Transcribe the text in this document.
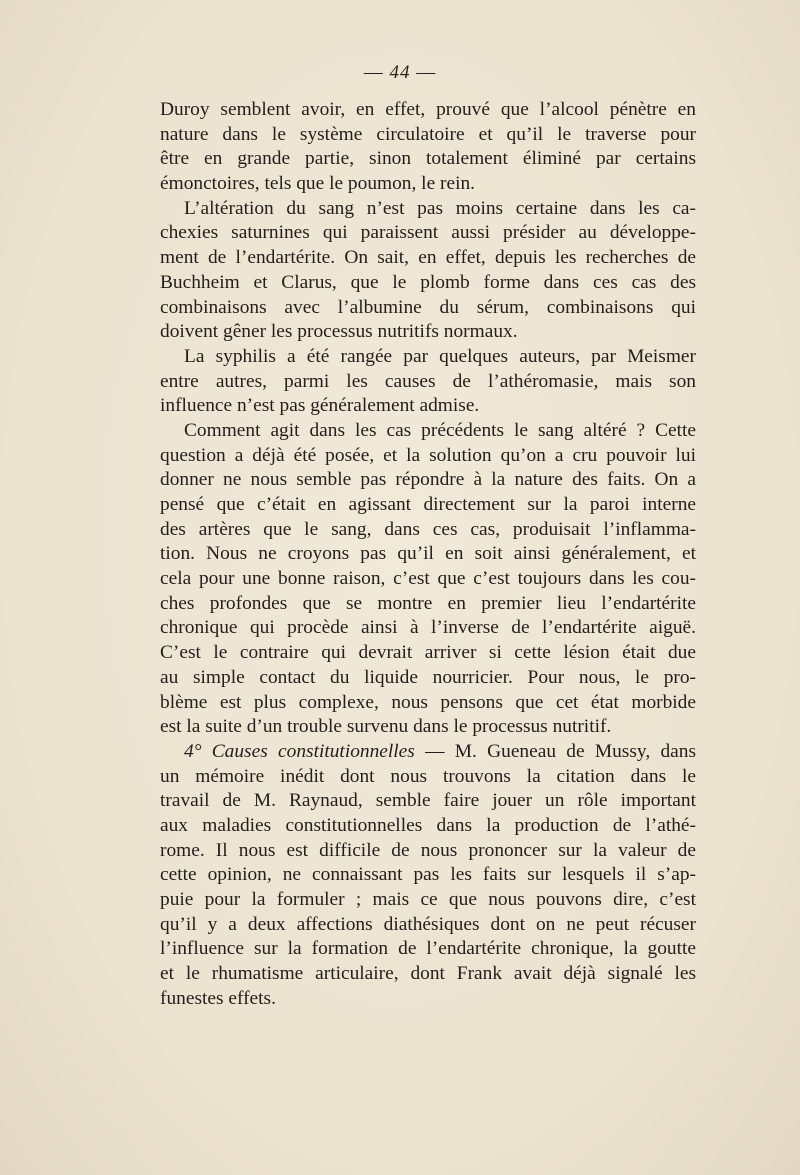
— 44 —
Duroy semblent avoir, en effet, prouvé que l’alcool pénètre en
nature dans le système circulatoire et qu’il le traverse pour
être en grande partie, sinon totalement éliminé par certains
émonctoires, tels que le poumon, le rein.
L’altération du sang n’est pas moins certaine dans les ca-
chexies saturnines qui paraissent aussi présider au développe-
ment de l’endartérite. On sait, en effet, depuis les recherches de
Buchheim et Clarus, que le plomb forme dans ces cas des
combinaisons avec l’albumine du sérum, combinaisons qui
doivent gêner les processus nutritifs normaux.
La syphilis a été rangée par quelques auteurs, par Meismer
entre autres, parmi les causes de l’athéromasie, mais son
influence n’est pas généralement admise.
Comment agit dans les cas précédents le sang altéré ? Cette
question a déjà été posée, et la solution qu’on a cru pouvoir lui
donner ne nous semble pas répondre à la nature des faits. On a
pensé que c’était en agissant directement sur la paroi interne
des artères que le sang, dans ces cas, produisait l’inflamma-
tion. Nous ne croyons pas qu’il en soit ainsi généralement, et
cela pour une bonne raison, c’est que c’est toujours dans les cou-
ches profondes que se montre en premier lieu l’endartérite
chronique qui procède ainsi à l’inverse de l’endartérite aiguë.
C’est le contraire qui devrait arriver si cette lésion était due
au simple contact du liquide nourricier. Pour nous, le pro-
blème est plus complexe, nous pensons que cet état morbide
est la suite d’un trouble survenu dans le processus nutritif.
4° Causes constitutionnelles — M. Gueneau de Mussy, dans
un mémoire inédit dont nous trouvons la citation dans le
travail de M. Raynaud, semble faire jouer un rôle important
aux maladies constitutionnelles dans la production de l’athé-
rome. Il nous est difficile de nous prononcer sur la valeur de
cette opinion, ne connaissant pas les faits sur lesquels il s’ap-
puie pour la formuler ; mais ce que nous pouvons dire, c’est
qu’il y a deux affections diathésiques dont on ne peut récuser
l’influence sur la formation de l’endartérite chronique, la goutte
et le rhumatisme articulaire, dont Frank avait déjà signalé les
funestes effets.
